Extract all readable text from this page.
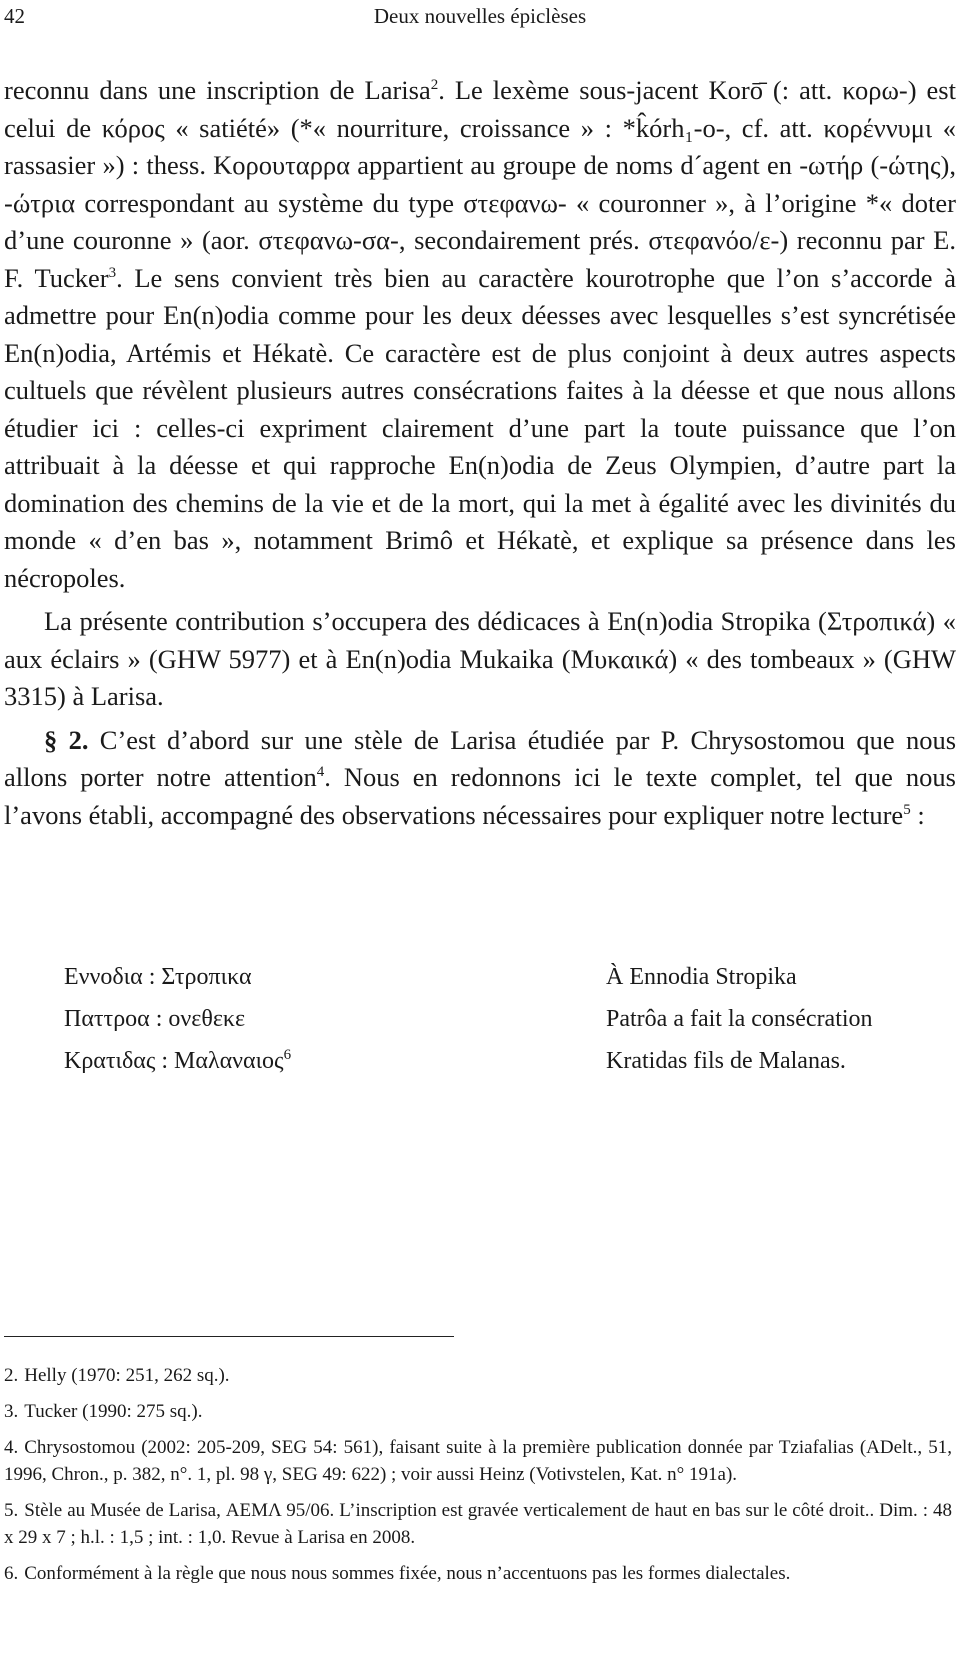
42	Deux nouvelles épiclèses

reconnu dans une inscription de Larisa$^2$. Le lexème sous-jacent Korō̄ (: att. κορω-) est celui de κόρος « satiété» (*« nourriture, croissance » : *k̂órh₁-o-, cf. att. κορέννυμι « rassasier ») : thess. Κορουταρρα appartient au groupe de noms d´agent en -ωτήρ (-ώτης), -ώτρια correspondant au système du type στεφανω- « couronner », à l’origine *« doter d’une couronne » (aor. στεφανω-σα-, secondairement prés. στεφανόο/ε-) reconnu par E. F. Tucker$^3$. Le sens convient très bien au caractère kourotrophe que l’on s’accorde à admettre pour En(n)odia comme pour les deux déesses avec lesquelles s’est syncrétisée En(n)odia, Artémis et Hékatè. Ce caractère est de plus conjoint à deux autres aspects cultuels que révèlent plusieurs autres consécrations faites à la déesse et que nous allons étudier ici : celles-ci expriment clairement d’une part la toute puissance que l’on attribuait à la déesse et qui rapproche En(n)odia de Zeus Olympien, d’autre part la domination des chemins de la vie et de la mort, qui la met à égalité avec les divinités du monde « d’en bas », notamment Brimô et Hékatè, et explique sa présence dans les nécropoles.

La présente contribution s’occupera des dédicaces à En(n)odia Stropika (Στροπικά) « aux éclairs » (GHW 5977) et à En(n)odia Mukaika (Μυκαικά) « des tombeaux » (GHW 3315) à Larisa.

§ 2. C’est d’abord sur une stèle de Larisa étudiée par P. Chrysostomou que nous allons porter notre attention$^4$. Nous en redonnons ici le texte complet, tel que nous l’avons établi, accompagné des observations nécessaires pour expliquer notre lecture$^5$ :

Εννοδια : Στροπικα
Παττροα : ονεθεκε
Κρατιδας : Μαλαναιος$^6$
À Ennodia Stropika
Patrôa a fait la consécration
Kratidas fils de Malanas.
2. Helly (1970: 251, 262 sq.).
3. Tucker (1990: 275 sq.).
4. Chrysostomou (2002: 205-209, SEG 54: 561), faisant suite à la première publication donnée par Tziafalias (ADelt., 51, 1996, Chron., p. 382, n°. 1, pl. 98 γ, SEG 49: 622) ; voir aussi Heinz (Votivstelen, Kat. n° 191a).
5. Stèle au Musée de Larisa, ΑΕΜΛ 95/06. L’inscription est gravée verticalement de haut en bas sur le côté droit.. Dim. : 48 x 29 x 7 ; h.l. : 1,5 ; int. : 1,0. Revue à Larisa en 2008.
6. Conformément à la règle que nous nous sommes fixée, nous n’accentuons pas les formes dialectales.
